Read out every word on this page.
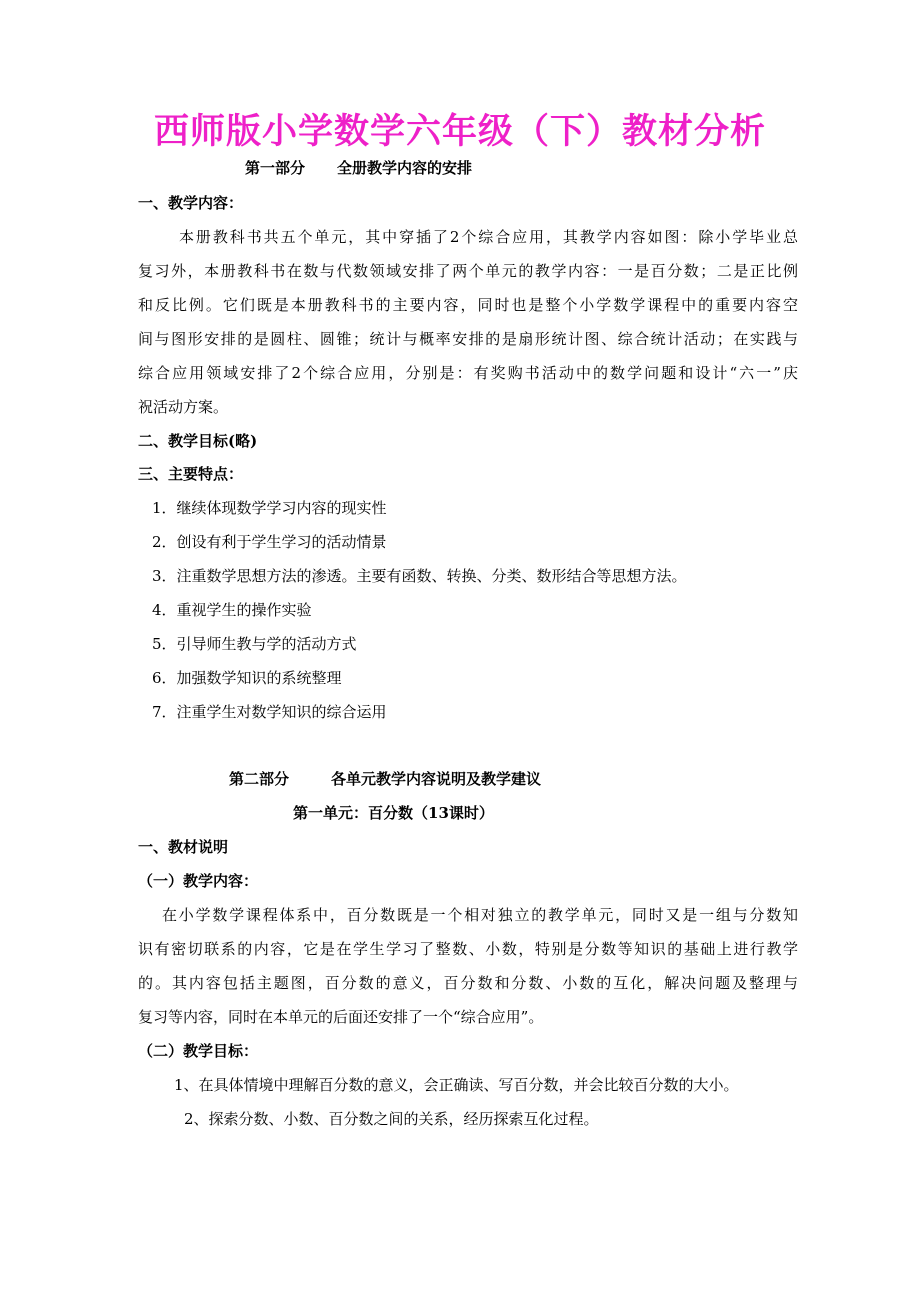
西师版小学数学六年级（下）教材分析
第一部分 全册教学内容的安排
一、教学内容：
本册教科书共五个单元，其中穿插了2个综合应用，其教学内容如图：除小学毕业总
复习外，本册教科书在数与代数领域安排了两个单元的教学内容：一是百分数；二是正比例
和反比例。它们既是本册教科书的主要内容，同时也是整个小学数学课程中的重要内容空
间与图形安排的是圆柱、圆锥；统计与概率安排的是扇形统计图、综合统计活动；在实践与
综合应用领域安排了2个综合应用，分别是：有奖购书活动中的数学问题和设计“六一”庆
祝活动方案。
二、教学目标(略)
三、主要特点：
1．继续体现数学学习内容的现实性
2．创设有利于学生学习的活动情景
3．注重数学思想方法的渗透。主要有函数、转换、分类、数形结合等思想方法。
4．重视学生的操作实验
5．引导师生教与学的活动方式
6．加强数学知识的系统整理
7．注重学生对数学知识的综合运用
第二部分	各单元教学内容说明及教学建议
第一单元：百分数（13课时）
一、教材说明
（一）教学内容：
在小学数学课程体系中，百分数既是一个相对独立的教学单元，同时又是一组与分数知
识有密切联系的内容，它是在学生学习了整数、小数，特别是分数等知识的基础上进行教学
的。其内容包括主题图，百分数的意义，百分数和分数、小数的互化，解决问题及整理与
复习等内容，同时在本单元的后面还安排了一个“综合应用”。
（二）教学目标：
1、在具体情境中理解百分数的意义，会正确读、写百分数，并会比较百分数的大小。
2、探索分数、小数、百分数之间的关系，经历探索互化过程。
